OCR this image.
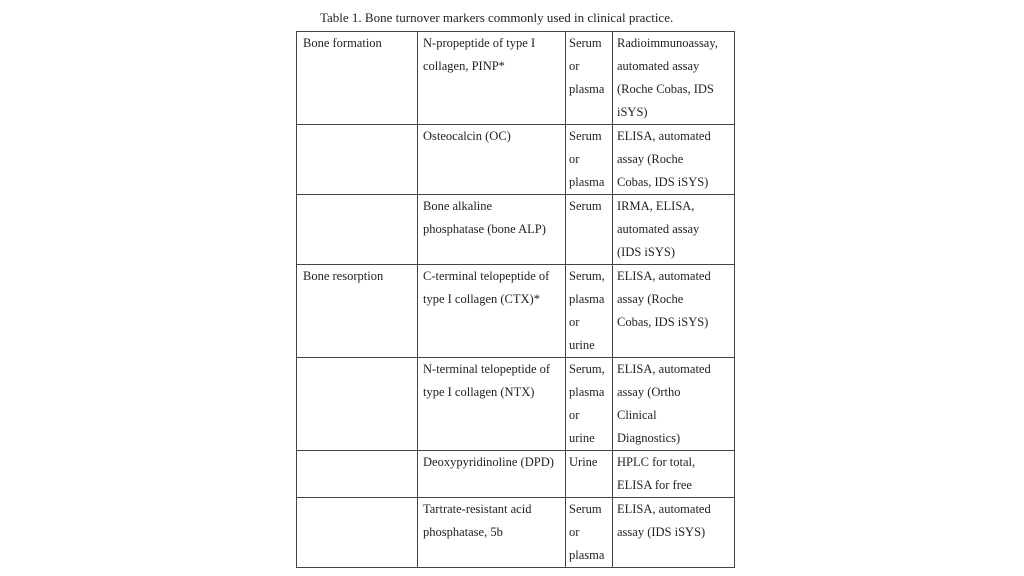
Table 1. Bone turnover markers commonly used in clinical practice.
Bone formation	N-propeptide of type I
collagen, PINP*	Serum
or
plasma	Radioimmunoassay,
automated assay
(Roche Cobas, IDS
iSYS)

	Osteocalcin (OC)	Serum
or
plasma	ELISA, automated
assay (Roche
Cobas, IDS iSYS)

	Bone alkaline
phosphatase (bone ALP)	Serum	IRMA, ELISA,
automated assay
(IDS iSYS)

Bone resorption	C-terminal telopeptide of
type I collagen (CTX)*	Serum,
plasma
or
urine	ELISA, automated
assay (Roche
Cobas, IDS iSYS)

	N-terminal telopeptide of
type I collagen (NTX)	Serum,
plasma
or
urine	ELISA, automated
assay (Ortho
Clinical
Diagnostics)

	Deoxypyridinoline (DPD)	Urine	HPLC for total,
ELISA for free

	Tartrate-resistant acid
phosphatase, 5b	Serum
or
plasma	ELISA, automated
assay (IDS iSYS)
